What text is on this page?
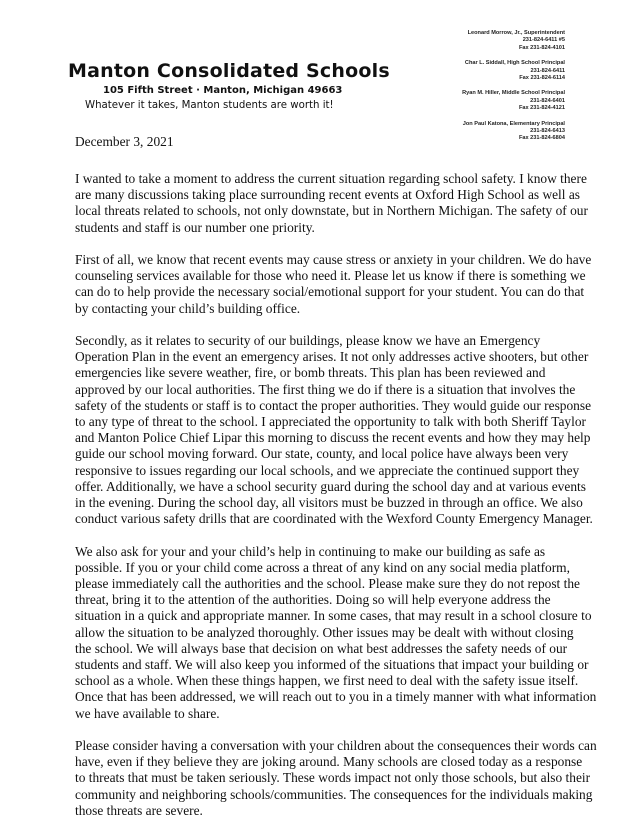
Leonard Morrow, Jr., Superintendent
231-824-6411 #5
Fax 231-824-4101
Char L. Siddall, High School Principal
231-824-6411
Fax 231-824-6114
Ryan M. Hiller, Middle School Principal
231-824-6401
Fax 231-824-4121
Jon Paul Katona, Elementary Principal
231-824-6413
Fax 231-824-6804
Manton Consolidated Schools
105 Fifth Street · Manton, Michigan 49663
Whatever it takes, Manton students are worth it!
December 3, 2021

I wanted to take a moment to address the current situation regarding school safety. I know there
are many discussions taking place surrounding recent events at Oxford High School as well as
local threats related to schools, not only downstate, but in Northern Michigan. The safety of our
students and staff is our number one priority.

First of all, we know that recent events may cause stress or anxiety in your children. We do have
counseling services available for those who need it. Please let us know if there is something we
can do to help provide the necessary social/emotional support for your student. You can do that
by contacting your child’s building office.

Secondly, as it relates to security of our buildings, please know we have an Emergency
Operation Plan in the event an emergency arises. It not only addresses active shooters, but other
emergencies like severe weather, fire, or bomb threats. This plan has been reviewed and
approved by our local authorities. The first thing we do if there is a situation that involves the
safety of the students or staff is to contact the proper authorities. They would guide our response
to any type of threat to the school. I appreciated the opportunity to talk with both Sheriff Taylor
and Manton Police Chief Lipar this morning to discuss the recent events and how they may help
guide our school moving forward. Our state, county, and local police have always been very
responsive to issues regarding our local schools, and we appreciate the continued support they
offer. Additionally, we have a school security guard during the school day and at various events
in the evening. During the school day, all visitors must be buzzed in through an office. We also
conduct various safety drills that are coordinated with the Wexford County Emergency Manager.

We also ask for your and your child’s help in continuing to make our building as safe as
possible. If you or your child come across a threat of any kind on any social media platform,
please immediately call the authorities and the school. Please make sure they do not repost the
threat, bring it to the attention of the authorities. Doing so will help everyone address the
situation in a quick and appropriate manner. In some cases, that may result in a school closure to
allow the situation to be analyzed thoroughly. Other issues may be dealt with without closing
the school. We will always base that decision on what best addresses the safety needs of our
students and staff. We will also keep you informed of the situations that impact your building or
school as a whole. When these things happen, we first need to deal with the safety issue itself.
Once that has been addressed, we will reach out to you in a timely manner with what information
we have available to share.

Please consider having a conversation with your children about the consequences their words can
have, even if they believe they are joking around. Many schools are closed today as a response
to threats that must be taken seriously. These words impact not only those schools, but also their
community and neighboring schools/communities. The consequences for the individuals making
those threats are severe.
